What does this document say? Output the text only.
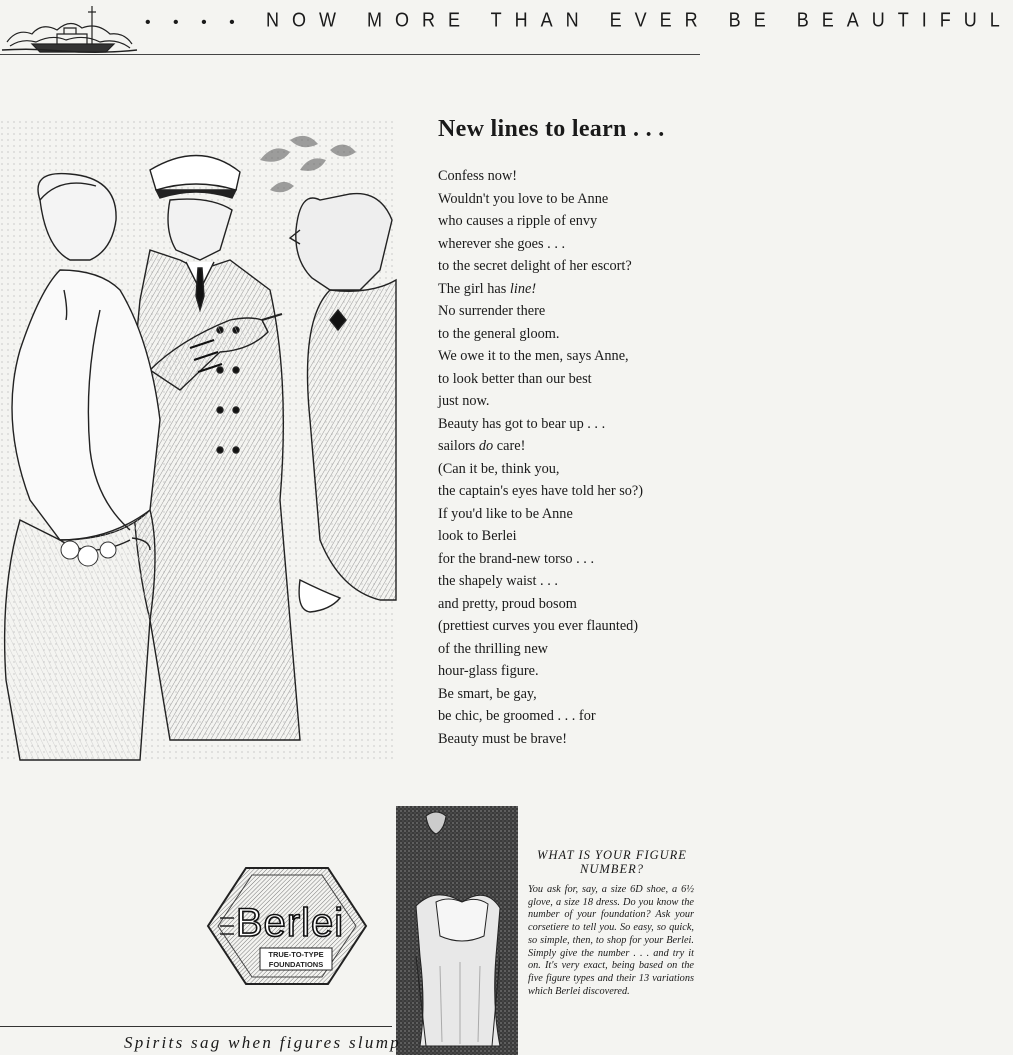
• • • • NOW MORE THAN EVER BE BEAUTIFUL
New lines to learn . . .
Confess now!
Wouldn't you love to be Anne
who causes a ripple of envy
wherever she goes . . .
to the secret delight of her escort?
The girl has line!
No surrender there
to the general gloom.
We owe it to the men, says Anne,
to look better than our best
just now.
Beauty has got to bear up . . .
sailors do care!
(Can it be, think you,
the captain's eyes have told her so?)
If you'd like to be Anne
look to Berlei
for the brand-new torso . . .
the shapely waist . . .
and pretty, proud bosom
(prettiest curves you ever flaunted)
of the thrilling new
hour-glass figure.
Be smart, be gay,
be chic, be groomed . . . for
Beauty must be brave!
Berlei
TRUE-TO-TYPE
FOUNDATIONS
WHAT IS YOUR FIGURE NUMBER?
You ask for, say, a size 6D shoe, a 6½ glove, a size 18 dress. Do you know the number of your foundation? Ask your corsetiere to tell you. So easy, so quick, so simple, then, to shop for your Berlei. Simply give the number . . . and try it on. It's very exact, being based on the five figure types and their 13 variations which Berlei discovered.
Spirits sag when figures slump
